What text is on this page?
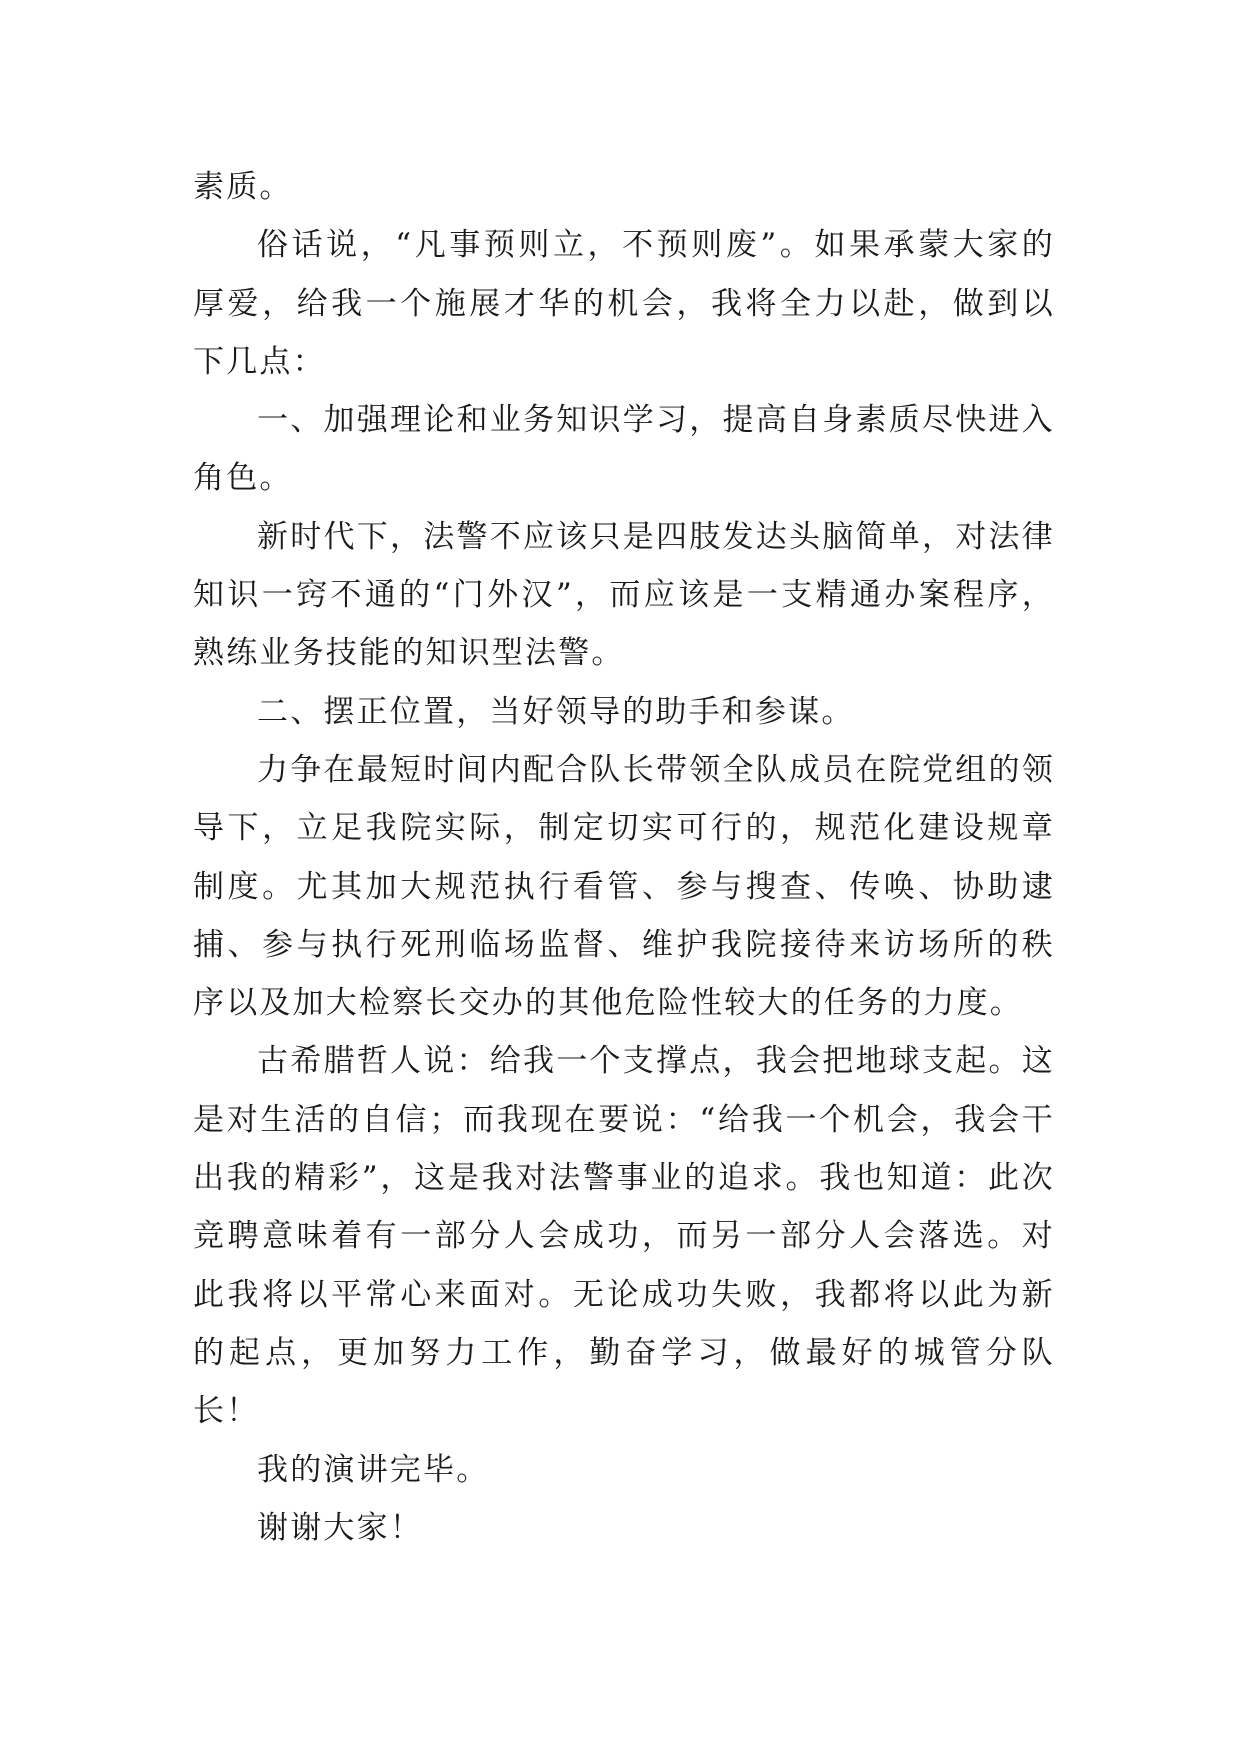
素质。

俗话说，“凡事预则立，不预则废”。如果承蒙大家的厚爱，给我一个施展才华的机会，我将全力以赴，做到以下几点：

一、加强理论和业务知识学习，提高自身素质尽快进入角色。

新时代下，法警不应该只是四肢发达头脑简单，对法律知识一窍不通的“门外汉”，而应该是一支精通办案程序，熟练业务技能的知识型法警。

二、摆正位置，当好领导的助手和参谋。

力争在最短时间内配合队长带领全队成员在院党组的领导下，立足我院实际，制定切实可行的，规范化建设规章制度。尤其加大规范执行看管、参与搜查、传唤、协助逮捕、参与执行死刑临场监督、维护我院接待来访场所的秩序以及加大检察长交办的其他危险性较大的任务的力度。

古希腊哲人说：给我一个支撑点，我会把地球支起。这是对生活的自信；而我现在要说：“给我一个机会，我会干出我的精彩”，这是我对法警事业的追求。我也知道：此次竞聘意味着有一部分人会成功，而另一部分人会落选。对此我将以平常心来面对。无论成功失败，我都将以此为新的起点，更加努力工作，勤奋学习，做最好的城管分队长！

我的演讲完毕。

谢谢大家！
